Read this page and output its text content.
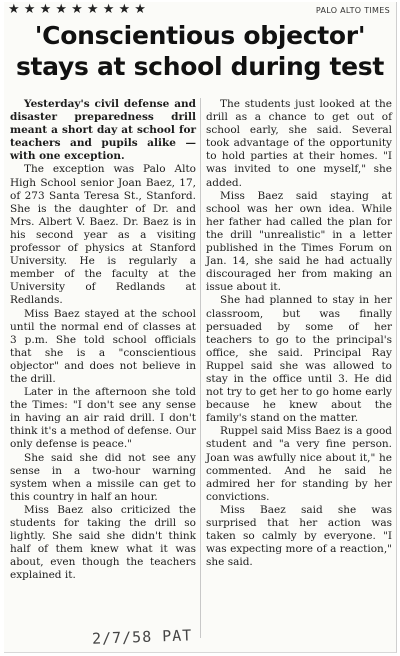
★ ★ ★ ★ ★ ★ ★ ★ ★	PALO ALTO TIMES
'Conscientious objector'
stays at school during test

Yesterday's civil defense and disaster preparedness drill meant a short day at school for teachers and pupils alike — with one exception.

The exception was Palo Alto High School senior Joan Baez, 17, of 273 Santa Teresa St., Stanford. She is the daughter of Dr. and Mrs. Albert V. Baez. Dr. Baez is in his second year as a visiting professor of physics at Stanford University. He is regularly a member of the faculty at the University of Redlands at Redlands.

Miss Baez stayed at the school until the normal end of classes at 3 p.m. She told school officials that she is a "conscientious objector" and does not believe in the drill.

Later in the afternoon she told the Times: "I don't see any sense in having an air raid drill. I don't think it's a method of defense. Our only defense is peace."

She said she did not see any sense in a two-hour warning system when a missile can get to this country in half an hour.

Miss Baez also criticized the students for taking the drill so lightly. She said she didn't think half of them knew what it was about, even though the teachers explained it.

The students just looked at the drill as a chance to get out of school early, she said. Several took advantage of the opportunity to hold parties at their homes. "I was invited to one myself," she added.

Miss Baez said staying at school was her own idea. While her father had called the plan for the drill "unrealistic" in a letter published in the Times Forum on Jan. 14, she said he had actually discouraged her from making an issue about it.

She had planned to stay in her classroom, but was finally persuaded by some of her teachers to go to the principal's office, she said. Principal Ray Ruppel said she was allowed to stay in the office until 3. He did not try to get her to go home early because he knew about the family's stand on the matter.

Ruppel said Miss Baez is a good student and "a very fine person. Joan was awfully nice about it," he commented. And he said he admired her for standing by her convictions.

Miss Baez said she was surprised that her action was taken so calmly by everyone. "I was expecting more of a reaction," she said.

2/7/58 PAT
